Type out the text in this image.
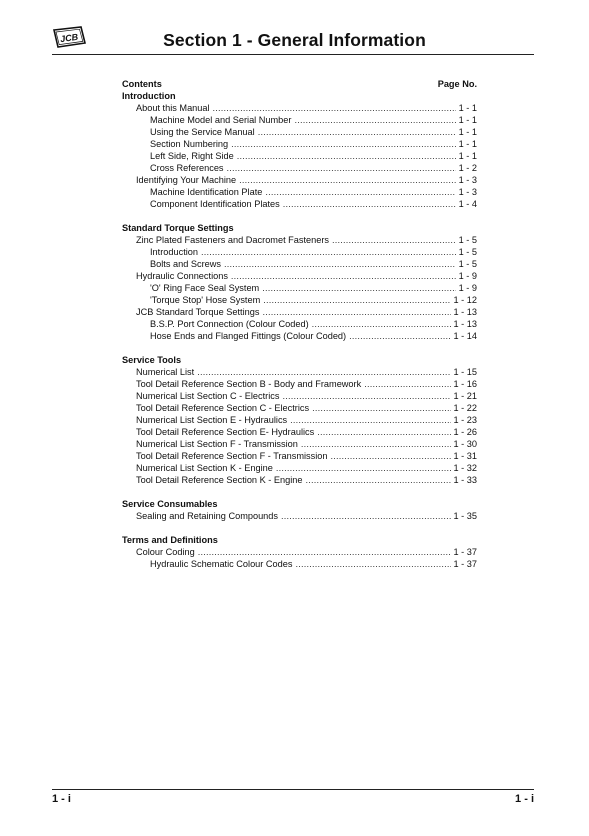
JCB	Section 1 - General Information
Contents	Page No.
Introduction
About this Manual .....	1 - 1
Machine Model and Serial Number .....	1 - 1
Using the Service Manual .....	1 - 1
Section Numbering .....	1 - 1
Left Side, Right Side .....	1 - 1
Cross References .....	1 - 2
Identifying Your Machine .....	1 - 3
Machine Identification Plate .....	1 - 3
Component Identification Plates .....	1 - 4
Standard Torque Settings
Zinc Plated Fasteners and Dacromet Fasteners .....	1 - 5
Introduction .....	1 - 5
Bolts and Screws .....	1 - 5
Hydraulic Connections .....	1 - 9
'O' Ring Face Seal System .....	1 - 9
'Torque Stop' Hose System .....	1 - 12
JCB Standard Torque Settings .....	1 - 13
B.S.P. Port Connection (Colour Coded) .....	1 - 13
Hose Ends and Flanged Fittings (Colour Coded) .....	1 - 14
Service Tools
Numerical List .....	1 - 15
Tool Detail Reference Section B - Body and Framework .....	1 - 16
Numerical List Section C - Electrics .....	1 - 21
Tool Detail Reference Section C - Electrics .....	1 - 22
Numerical List Section E - Hydraulics .....	1 - 23
Tool Detail Reference Section E- Hydraulics .....	1 - 26
Numerical List Section F - Transmission .....	1 - 30
Tool Detail Reference Section F - Transmission .....	1 - 31
Numerical List Section K - Engine .....	1 - 32
Tool Detail Reference Section K - Engine .....	1 - 33
Service Consumables
Sealing and Retaining Compounds .....	1 - 35
Terms and Definitions
Colour Coding .....	1 - 37
Hydraulic Schematic Colour Codes .....	1 - 37
1 - i	1 - i
